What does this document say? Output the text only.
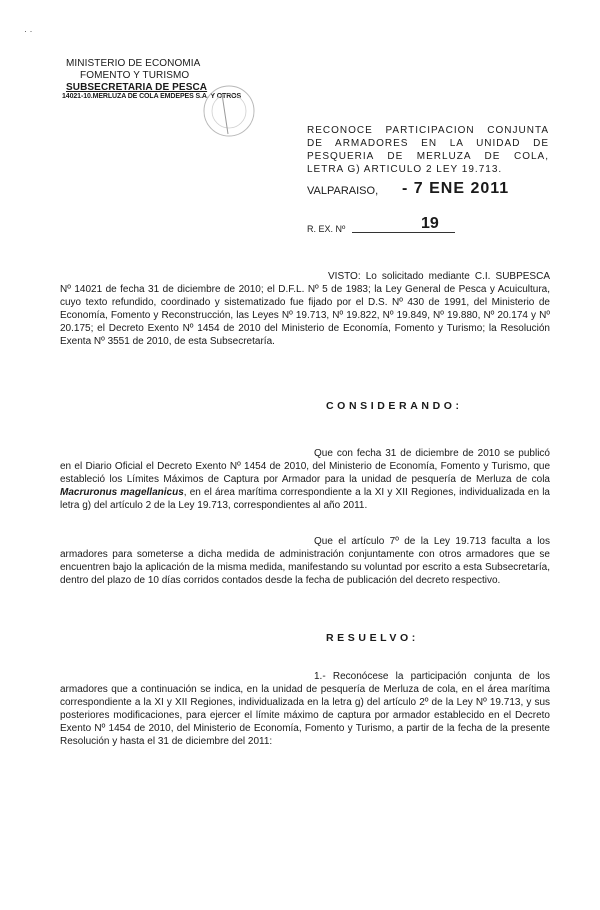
· ·
MINISTERIO DE ECONOMIA
FOMENTO Y TURISMO
SUBSECRETARIA DE PESCA
14021-10.MERLUZA DE COLA EMDEPES S.A. Y OTROS
RECONOCE PARTICIPACION CONJUNTA DE ARMADORES EN LA UNIDAD DE PESQUERIA DE MERLUZA DE COLA, LETRA G) ARTICULO 2 LEY 19.713.
VALPARAISO, - 7 ENE 2011
R. EX. Nº	19
VISTO: Lo solicitado mediante C.I. SUBPESCA Nº 14021 de fecha 31 de diciembre de 2010; el D.F.L. Nº 5 de 1983; la Ley General de Pesca y Acuicultura, cuyo texto refundido, coordinado y sistematizado fue fijado por el D.S. Nº 430 de 1991, del Ministerio de Economía, Fomento y Reconstrucción, las Leyes Nº 19.713, Nº 19.822, Nº 19.849, Nº 19.880, Nº 20.174 y Nº 20.175; el Decreto Exento Nº 1454 de 2010 del Ministerio de Economía, Fomento y Turismo; la Resolución Exenta Nº 3551 de 2010, de esta Subsecretaría.
CONSIDERANDO:
Que con fecha 31 de diciembre de 2010 se publicó en el Diario Oficial el Decreto Exento Nº 1454 de 2010, del Ministerio de Economía, Fomento y Turismo, que estableció los Límites Máximos de Captura por Armador para la unidad de pesquería de Merluza de cola Macruronus magellanicus, en el área marítima correspondiente a la XI y XII Regiones, individualizada en la letra g) del artículo 2 de la Ley 19.713, correspondientes al año 2011.
Que el artículo 7º de la Ley 19.713 faculta a los armadores para someterse a dicha medida de administración conjuntamente con otros armadores que se encuentren bajo la aplicación de la misma medida, manifestando su voluntad por escrito a esta Subsecretaría, dentro del plazo de 10 días corridos contados desde la fecha de publicación del decreto respectivo.
RESUELVO:
1.- Reconócese la participación conjunta de los armadores que a continuación se indica, en la unidad de pesquería de Merluza de cola, en el área marítima correspondiente a la XI y XII Regiones, individualizada en la letra g) del artículo 2º de la Ley Nº 19.713, y sus posteriores modificaciones, para ejercer el límite máximo de captura por armador establecido en el Decreto Exento Nº 1454 de 2010, del Ministerio de Economía, Fomento y Turismo, a partir de la fecha de la presente Resolución y hasta el 31 de diciembre del 2011:
